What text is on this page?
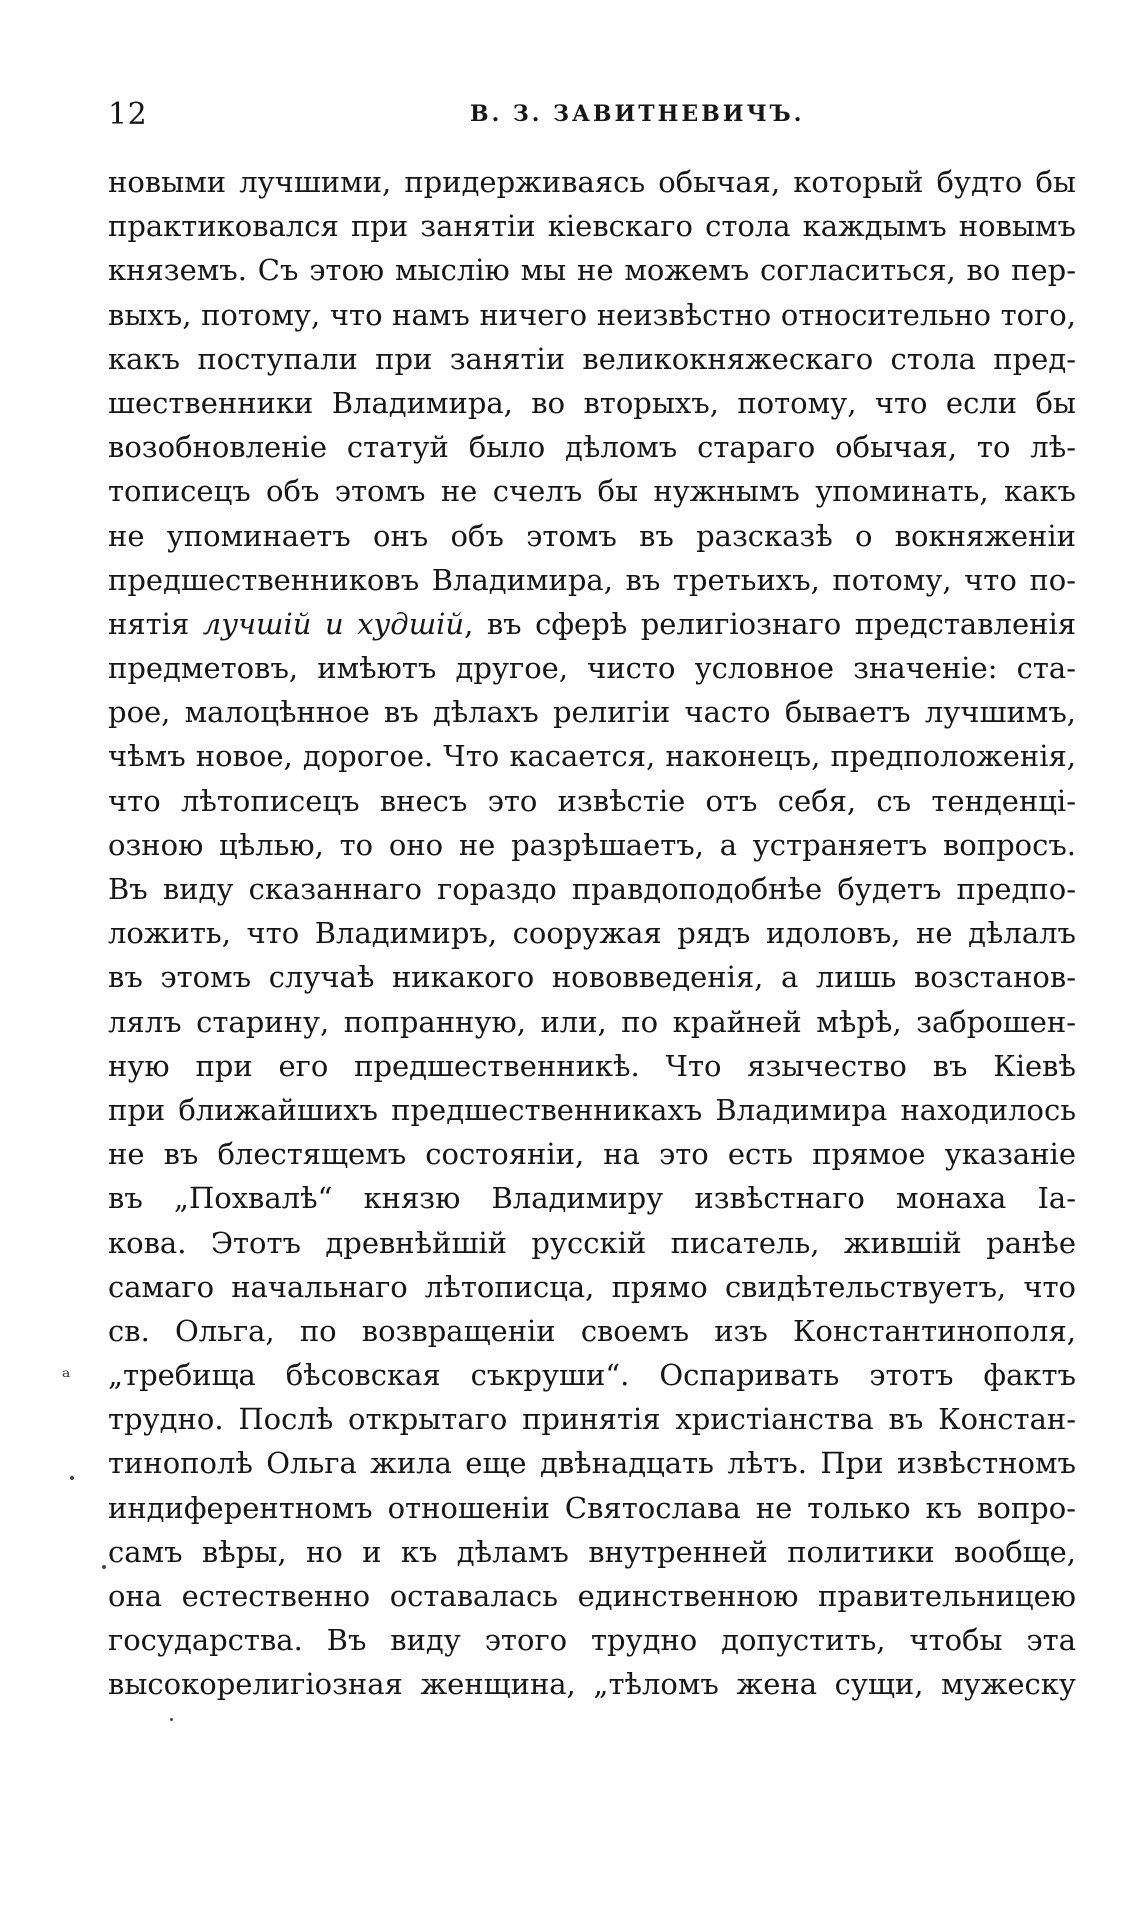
12	В. З. ЗАВИТНЕВИЧЪ.
новыми лучшими, придерживаясь обычая, который будто бы
практиковался при занятіи кіевскаго стола каждымъ новымъ
княземъ. Съ этою мыслію мы не можемъ согласиться, во пер-
выхъ, потому, что намъ ничего неизвѣстно относительно того,
какъ поступали при занятіи великокняжескаго стола пред-
шественники Владимира, во вторыхъ, потому, что если бы
возобновленіе статуй было дѣломъ стараго обычая, то лѣ-
тописецъ объ этомъ не счелъ бы нужнымъ упоминать, какъ
не упоминаетъ онъ объ этомъ въ разсказѣ о вокняженіи
предшественниковъ Владимира, въ третьихъ, потому, что по-
нятія лучшій и худшій, въ сферѣ религіознаго представленія
предметовъ, имѣютъ другое, чисто условное значеніе: ста-
рое, малоцѣнное въ дѣлахъ религіи часто бываетъ лучшимъ,
чѣмъ новое, дорогое. Что касается, наконецъ, предположенія,
что лѣтописецъ внесъ это извѣстіе отъ себя, съ тенденці-
озною цѣлью, то оно не разрѣшаетъ, а устраняетъ вопросъ.
Въ виду сказаннаго гораздо правдоподобнѣе будетъ предпо-
ложить, что Владимиръ, сооружая рядъ идоловъ, не дѣлалъ
въ этомъ случаѣ никакого нововведенія, а лишь возстанов-
лялъ старину, попранную, или, по крайней мѣрѣ, заброшен-
ную при его предшественникѣ. Что язычество въ Кіевѣ
при ближайшихъ предшественникахъ Владимира находилось
не въ блестящемъ состояніи, на это есть прямое указаніе
въ „Похвалѣ“ князю Владимиру извѣстнаго монаха Іа-
кова. Этотъ древнѣйшій русскій писатель, жившій ранѣе
самаго начальнаго лѣтописца, прямо свидѣтельствуетъ, что
св. Ольга, по возвращеніи своемъ изъ Константинополя,
„требища бѣсовская съкруши“. Оспаривать этотъ фактъ
трудно. Послѣ открытаго принятія христіанства въ Констан-
тинополѣ Ольга жила еще двѣнадцать лѣтъ. При извѣстномъ
индиферентномъ отношеніи Святослава не только къ вопро-
самъ вѣры, но и къ дѣламъ внутренней политики вообще,
она естественно оставалась единственною правительницею
государства. Въ виду этого трудно допустить, чтобы эта
высокорелигіозная женщина, „тѣломъ жена сущи, мужеску
ₐ
